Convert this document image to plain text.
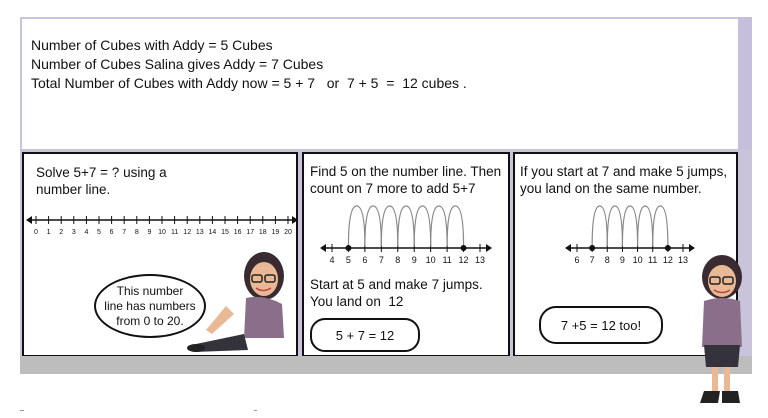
Number of Cubes with Addy = 5 Cubes
Number of Cubes Salina gives Addy = 7 Cubes
Total Number of Cubes with Addy now = 5 + 7   or  7 + 5  =  12 cubes .
Solve 5+7 = ? using a
number line.
0 1 2 3 4 5 6 7 8 9 10 11 12 13 14 15 16 17 18 19 20
This number
line has numbers
from 0 to 20.
Find 5 on the number line. Then
count on 7 more to add 5+7
4 5 6 7 8 9 10 11 12 13
Start at 5 and make 7 jumps.
You land on  12
5 + 7 = 12
If you start at 7 and make 5 jumps,
you land on the same number.
6 7 8 9 10 11 12 13
7 +5 = 12 too!
